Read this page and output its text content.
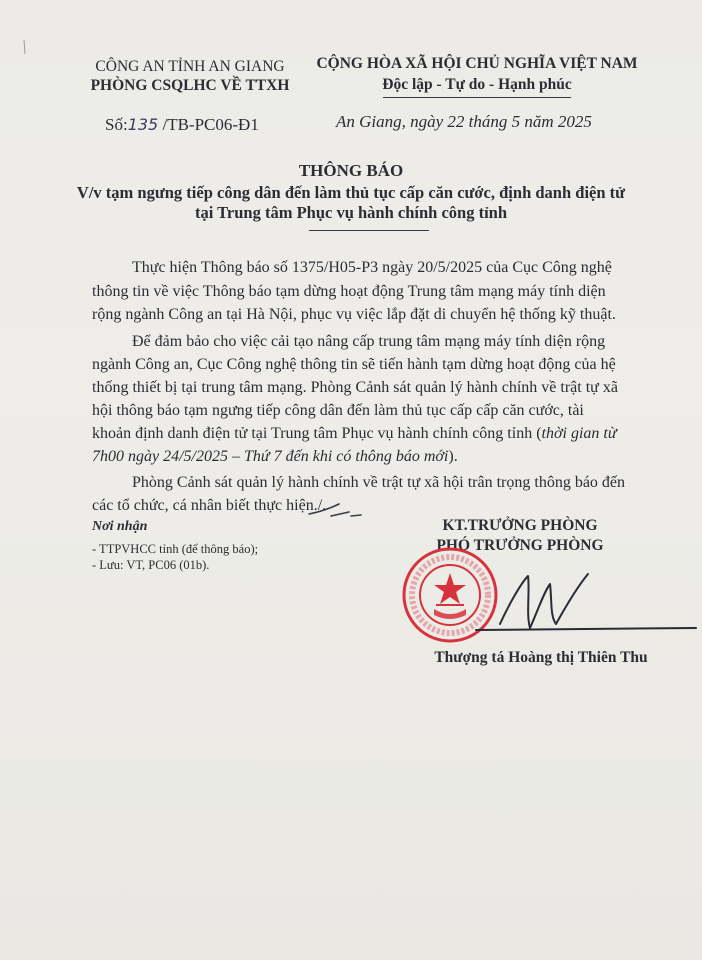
CÔNG AN TỈNH AN GIANG
PHÒNG CSQLHC VỀ TTXH
CỘNG HÒA XÃ HỘI CHỦ NGHĨA VIỆT NAM
Độc lập - Tự do - Hạnh phúc
Số:135 /TB-PC06-Đ1	An Giang, ngày 22 tháng 5 năm 2025
THÔNG BÁO
V/v tạm ngưng tiếp công dân đến làm thủ tục cấp căn cước, định danh điện tử
tại Trung tâm Phục vụ hành chính công tỉnh
Thực hiện Thông báo số 1375/H05-P3 ngày 20/5/2025 của Cục Công nghệ
thông tin về việc Thông báo tạm dừng hoạt động Trung tâm mạng máy tính diện
rộng ngành Công an tại Hà Nội, phục vụ việc lắp đặt di chuyển hệ thống kỹ thuật.
Để đảm bảo cho việc cải tạo nâng cấp trung tâm mạng máy tính diện rộng
ngành Công an, Cục Công nghệ thông tin sẽ tiến hành tạm dừng hoạt động của hệ
thống thiết bị tại trung tâm mạng. Phòng Cảnh sát quản lý hành chính về trật tự xã
hội thông báo tạm ngưng tiếp công dân đến làm thủ tục cấp cấp căn cước, tài
khoản định danh điện tử tại Trung tâm Phục vụ hành chính công tỉnh (thời gian từ
7h00 ngày 24/5/2025 – Thứ 7 đến khi có thông báo mới).
Phòng Cảnh sát quản lý hành chính về trật tự xã hội trân trọng thông báo đến
các tổ chức, cá nhân biết thực hiện./.
Nơi nhận
- TTPVHCC tỉnh (để thông báo);
- Lưu: VT, PC06 (01b).
KT.TRƯỞNG PHÒNG
PHÓ TRƯỞNG PHÒNG
Thượng tá Hoàng thị Thiên Thu
